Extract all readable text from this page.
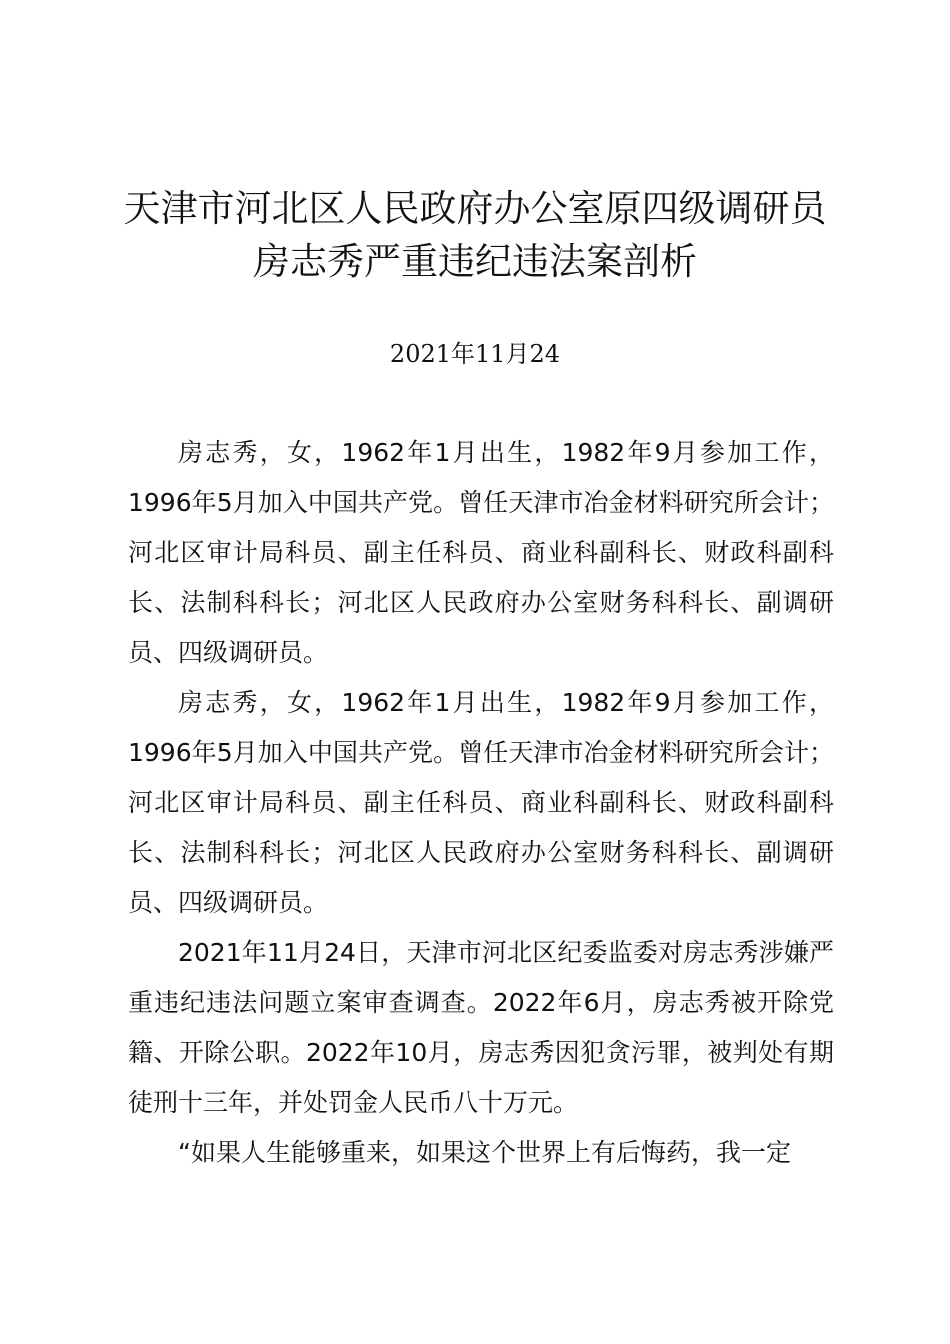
天津市河北区人民政府办公室原四级调研员房志秀严重违纪违法案剖析
2021年11月24

房志秀，女，1962年1月出生，1982年9月参加工作，1996年5月加入中国共产党。曾任天津市冶金材料研究所会计；河北区审计局科员、副主任科员、商业科副科长、财政科副科长、法制科科长；河北区人民政府办公室财务科科长、副调研员、四级调研员。

房志秀，女，1962年1月出生，1982年9月参加工作，1996年5月加入中国共产党。曾任天津市冶金材料研究所会计；河北区审计局科员、副主任科员、商业科副科长、财政科副科长、法制科科长；河北区人民政府办公室财务科科长、副调研员、四级调研员。

2021年11月24日，天津市河北区纪委监委对房志秀涉嫌严重违纪违法问题立案审查调查。2022年6月，房志秀被开除党籍、开除公职。2022年10月，房志秀因犯贪污罪，被判处有期徒刑十三年，并处罚金人民币八十万元。

“如果人生能够重来，如果这个世界上有后悔药，我一定
